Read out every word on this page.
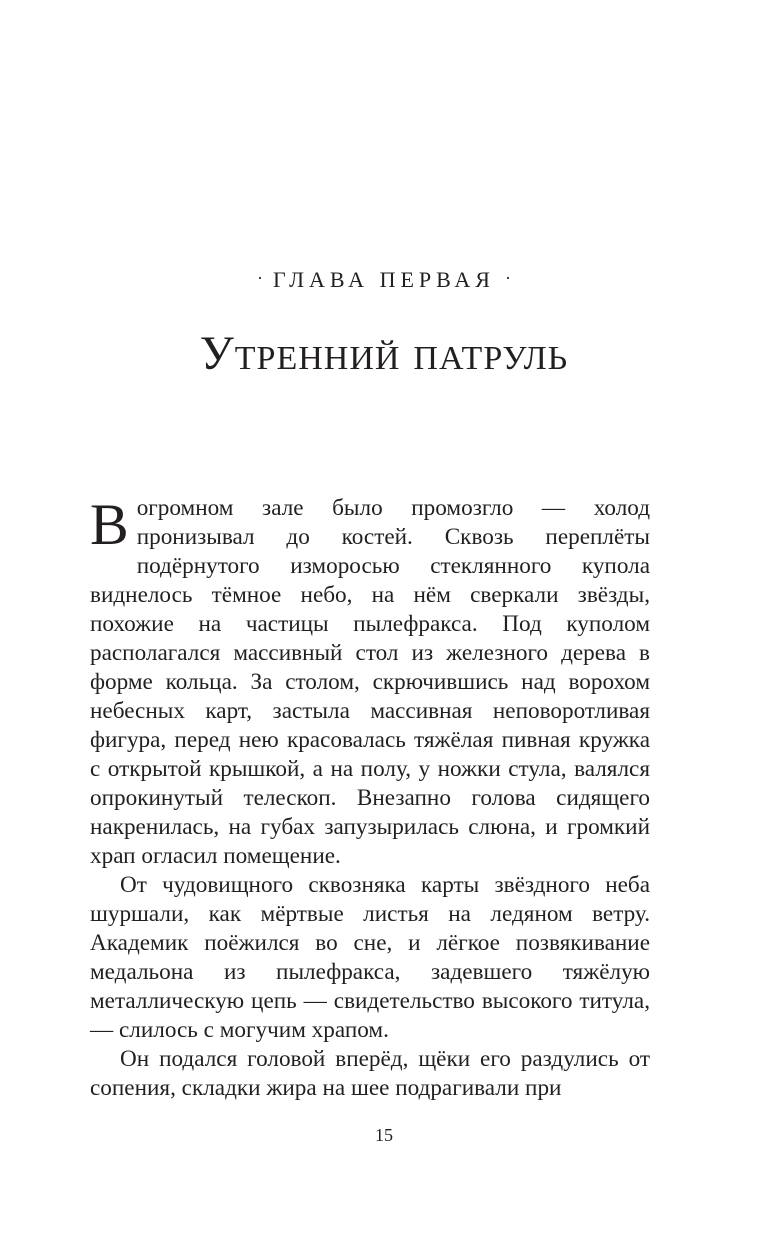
· ГЛАВА ПЕРВАЯ ·
Утренний патруль

В огромном зале было промозгло — холод пронизывал до костей. Сквозь переплёты подёрнутого изморосью стеклянного купола виднелось тёмное небо, на нём сверкали звёзды, похожие на частицы пылефракса. Под куполом располагался массивный стол из железного дерева в форме кольца. За столом, скрючившись над ворохом небесных карт, застыла массивная неповоротливая фигура, перед нею красовалась тяжёлая пивная кружка с открытой крышкой, а на полу, у ножки стула, валялся опрокинутый телескоп. Внезапно голова сидящего накренилась, на губах запузырилась слюна, и громкий храп огласил помещение.

От чудовищного сквозняка карты звёздного неба шуршали, как мёртвые листья на ледяном ветру. Академик поёжился во сне, и лёгкое позвякивание медальона из пылефракса, задевшего тяжёлую металлическую цепь — свидетельство высокого титула, — слилось с могучим храпом.

Он подался головой вперёд, щёки его раздулись от сопения, складки жира на шее подрагивали при

15
